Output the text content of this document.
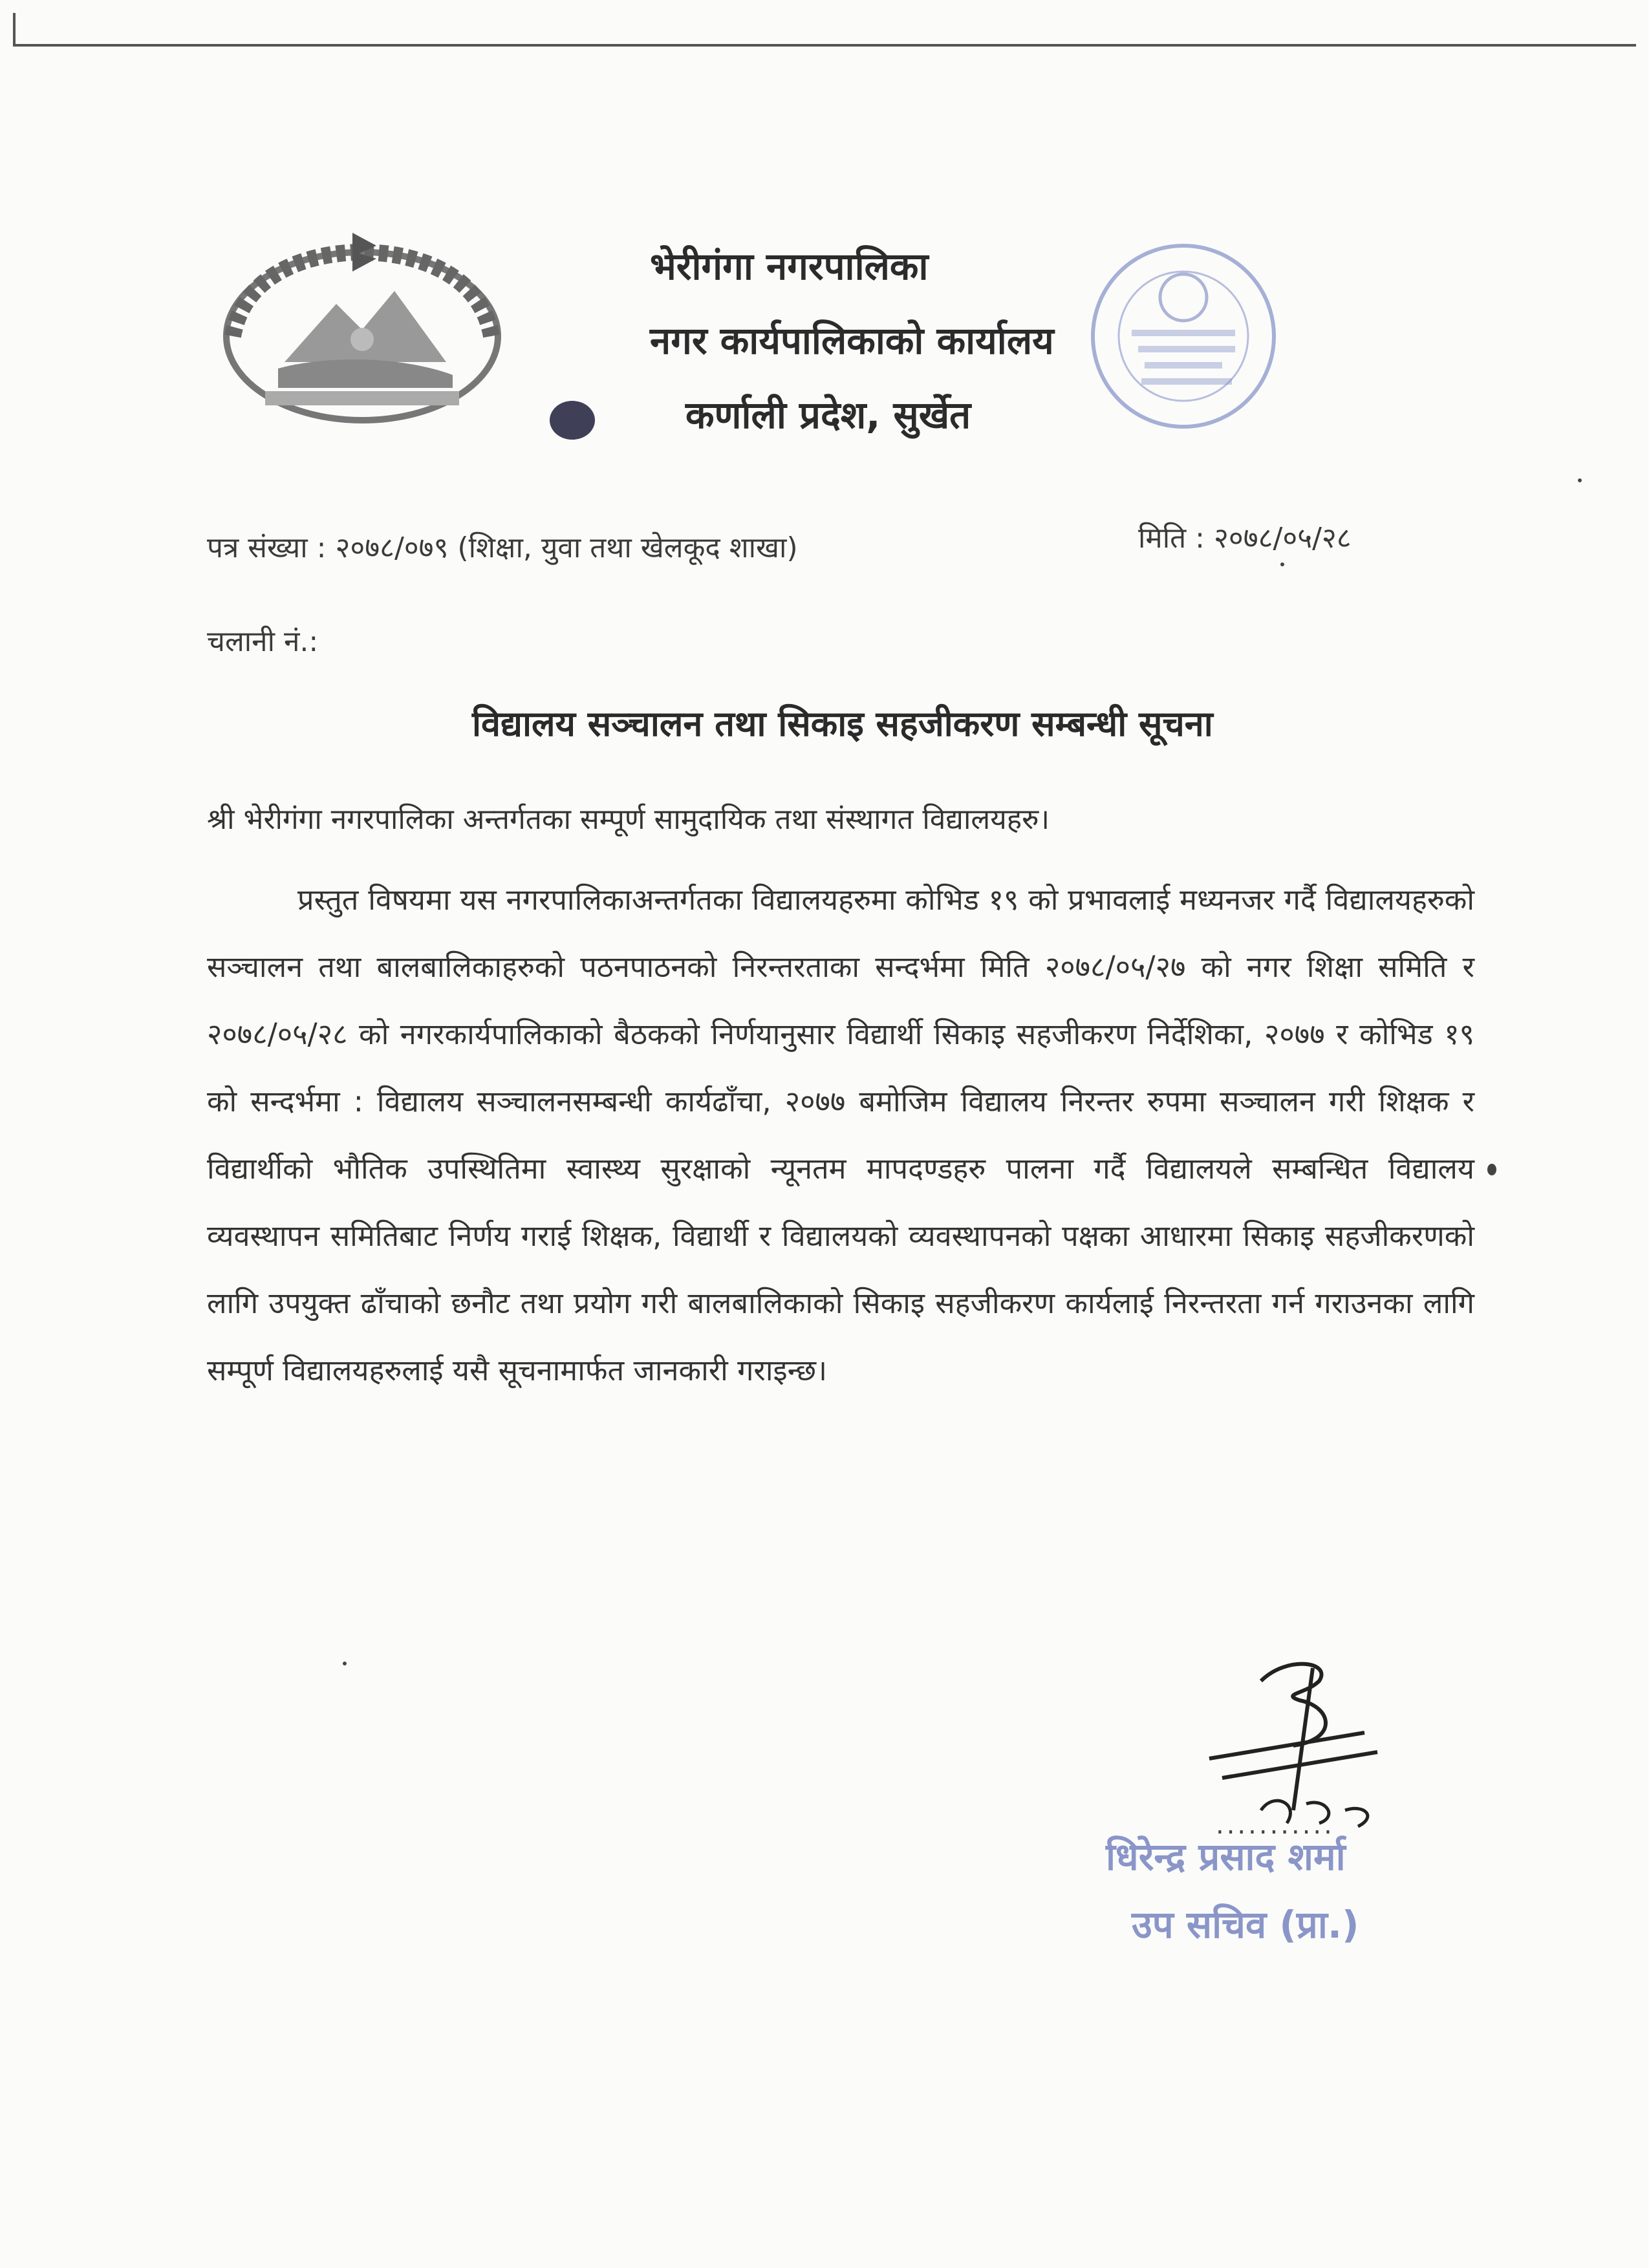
भेरीगंगा नगरपालिका
नगर कार्यपालिकाको कार्यालय
कर्णाली प्रदेश, सुर्खेत
पत्र संख्या : २०७८/०७९ (शिक्षा, युवा तथा खेलकूद शाखा)	मिति : २०७८/०५/२८
चलानी नं.:
विद्यालय सञ्चालन तथा सिकाइ सहजीकरण सम्बन्धी सूचना
श्री भेरीगंगा नगरपालिका अन्तर्गतका सम्पूर्ण सामुदायिक तथा संस्थागत विद्यालयहरु।
प्रस्तुत विषयमा यस नगरपालिकाअन्तर्गतका विद्यालयहरुमा कोभिड १९ को प्रभावलाई मध्यनजर गर्दै विद्यालयहरुको सञ्चालन तथा बालबालिकाहरुको पठनपाठनको निरन्तरताका सन्दर्भमा मिति २०७८/०५/२७ को नगर शिक्षा समिति र २०७८/०५/२८ को नगरकार्यपालिकाको बैठकको निर्णयानुसार विद्यार्थी सिकाइ सहजीकरण निर्देशिका, २०७७ र कोभिड १९ को सन्दर्भमा : विद्यालय सञ्चालनसम्बन्धी कार्यढाँचा, २०७७ बमोजिम विद्यालय निरन्तर रुपमा सञ्चालन गरी शिक्षक र विद्यार्थीको भौतिक उपस्थितिमा स्वास्थ्य सुरक्षाको न्यूनतम मापदण्डहरु पालना गर्दै विद्यालयले सम्बन्धित विद्यालय व्यवस्थापन समितिबाट निर्णय गराई शिक्षक, विद्यार्थी र विद्यालयको व्यवस्थापनको पक्षका आधारमा सिकाइ सहजीकरणको लागि उपयुक्त ढाँचाको छनौट तथा प्रयोग गरी बालबालिकाको सिकाइ सहजीकरण कार्यलाई निरन्तरता गर्न गराउनका लागि सम्पूर्ण विद्यालयहरुलाई यसै सूचनामार्फत जानकारी गराइन्छ।
...........
धिरेन्द्र प्रसाद शर्मा
उप सचिव (प्रा.)
